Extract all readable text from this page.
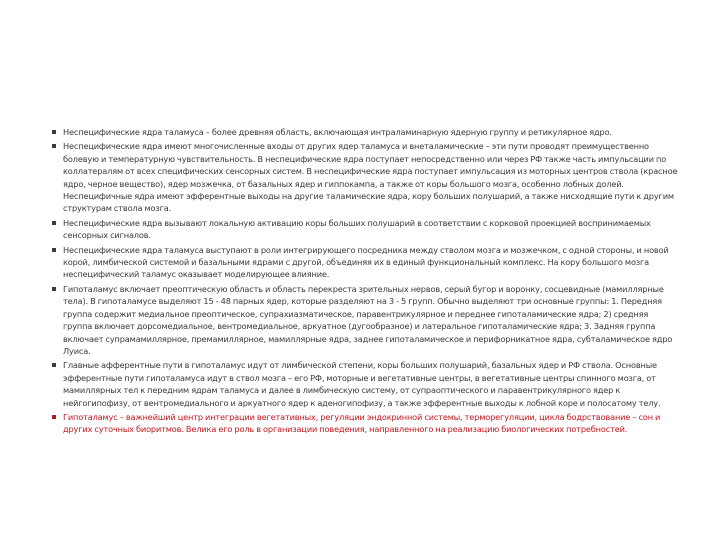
Неспецифические ядра таламуса – более древняя область, включающая интраламинарную ядерную группу и ретикулярное ядро.
Неспецифические ядра имеют многочисленные входы от других ядер таламуса и внеталамические – эти пути проводят преимущественно болевую и температурную чувствительность. В неспецифические ядра поступает непосредственно или через РФ также часть импульсации по коллатералям от всех специфических сенсорных систем. В неспецифические ядра поступает импульсация из моторных центров ствола (красное ядро, черное вещество), ядер мозжечка, от базальных ядер и гиппокампа, а также от коры большого мозга, особенно лобных долей. Неспецифичные ядра имеют эфферентные выходы на другие таламические ядра, кору больших полушарий, а также нисходящие пути к другим структурам ствола мозга.
Неспецифические ядра вызывают локальную активацию коры больших полушарий в соответствии с корковой проекцией воспринимаемых сенсорных сигналов.
Неспецифические ядра таламуса выступают в роли интегрирующего посредника между стволом мозга и мозжечком, с одной стороны, и новой корой, лимбической системой и базальными ядрами с другой, объединяя их в единый функциональный комплекс. На кору большого мозга неспецифический таламус оказывает моделирующее влияние.
Гипоталамус включает преоптическую область и область перекреста зрительных нервов, серый бугор и воронку, сосцевидные (мамиллярные тела). В гипоталамусе выделяют 15 - 48 парных ядер, которые разделяют на 3 - 5 групп. Обычно выделяют три основные группы: 1. Передняя группа содержит медиальное преоптическое, супрахиазматическое, паравентрикулярное и переднее гипоталамические ядра; 2) средняя группа включает дорсомедиальное, вентромедиальное, аркуатное (дугообразное) и латеральное гипоталамические ядра; 3. Задняя группа включает супрамамиллярное, премамиллярное, мамиллярные ядра, заднее гипоталамическое и перифорникатное ядра, субталамическое ядро Луиса.
Главные афферентные пути в гипоталамус идут от лимбической степени, коры больших полушарий, базальных ядер и РФ ствола. Основные эфферентные пути гипоталамуса идут в ствол мозга – его РФ, моторные и вегетативные центры, в вегетативные центры спинного мозга, от мамиллярных тел к передним ядрам таламуса и далее в лимбическую систему, от супраоптического и паравентрикулярного ядер к нейгогипофизу, от вентромедиального и аркуатного ядер к аденогипофизу, а также эфферентные выходы к лобной коре и полосатому телу.
Гипоталамус – важнейший центр интеграции вегетативных, регуляции эндокринной системы, терморегуляции, цикла бодрствование – сон и других суточных биоритмов. Велика его роль в организации поведения, направленного на реализацию биологических потребностей.
